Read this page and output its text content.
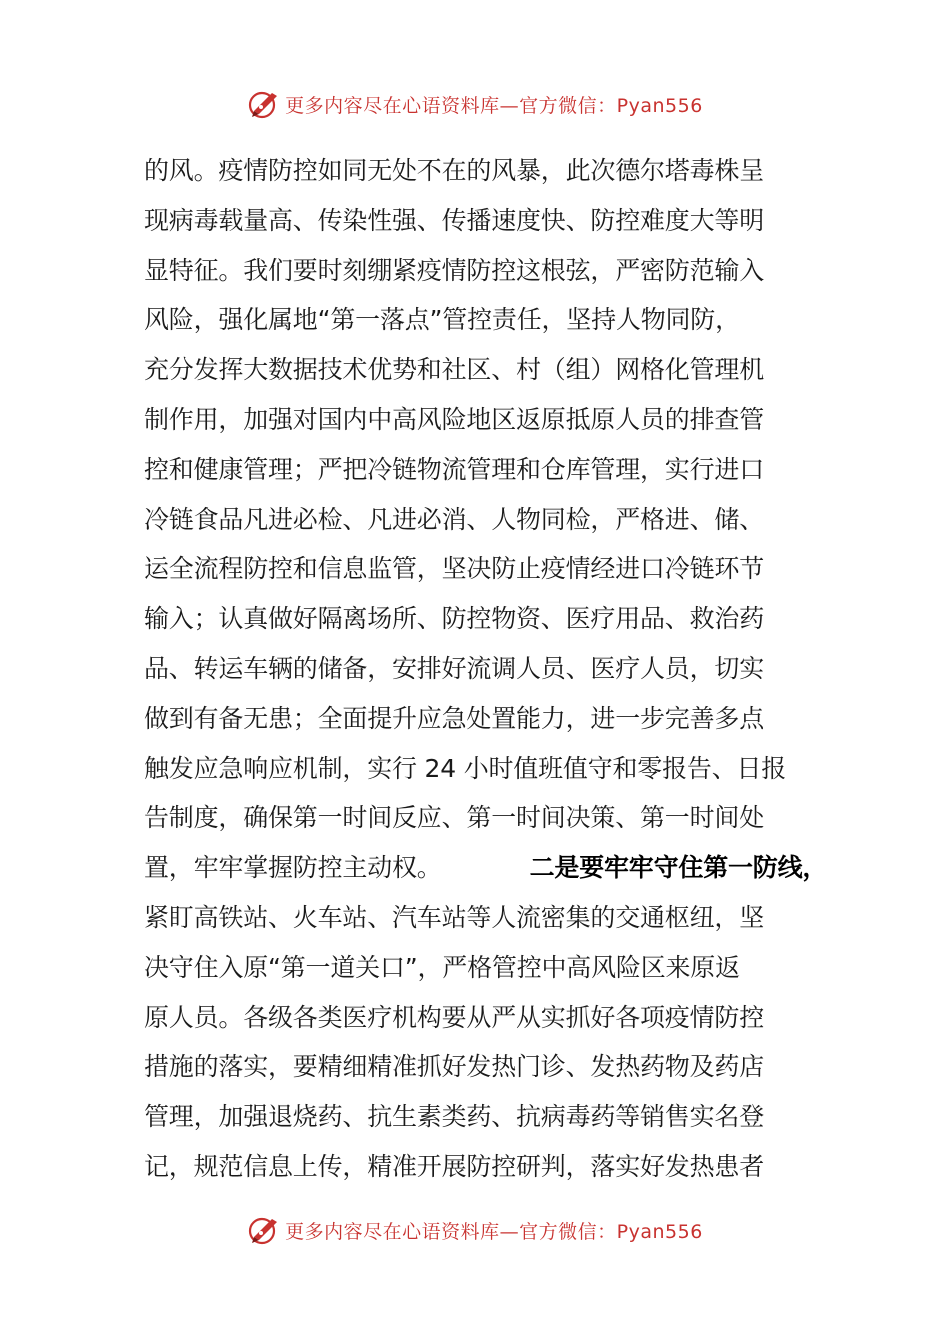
更多内容尽在心语资料库—官方微信：Pyan556
的风。疫情防控如同无处不在的风暴，此次德尔塔毒株呈
现病毒载量高、传染性强、传播速度快、防控难度大等明
显特征。我们要时刻绷紧疫情防控这根弦，严密防范输入
风险，强化属地“第一落点”管控责任，坚持人物同防，
充分发挥大数据技术优势和社区、村（组）网格化管理机
制作用，加强对国内中高风险地区返原抵原人员的排查管
控和健康管理；严把冷链物流管理和仓库管理，实行进口
冷链食品凡进必检、凡进必消、人物同检，严格进、储、
运全流程防控和信息监管，坚决防止疫情经进口冷链环节
输入；认真做好隔离场所、防控物资、医疗用品、救治药
品、转运车辆的储备，安排好流调人员、医疗人员，切实
做到有备无患；全面提升应急处置能力，进一步完善多点
触发应急响应机制，实行 24 小时值班值守和零报告、日报
告制度，确保第一时间反应、第一时间决策、第一时间处
置，牢牢掌握防控主动权。	二是要牢牢守住第一防线，
紧盯高铁站、火车站、汽车站等人流密集的交通枢纽，坚
决守住入原“第一道关口”，严格管控中高风险区来原返
原人员。各级各类医疗机构要从严从实抓好各项疫情防控
措施的落实，要精细精准抓好发热门诊、发热药物及药店
管理，加强退烧药、抗生素类药、抗病毒药等销售实名登
记，规范信息上传，精准开展防控研判，落实好发热患者
更多内容尽在心语资料库—官方微信：Pyan556
